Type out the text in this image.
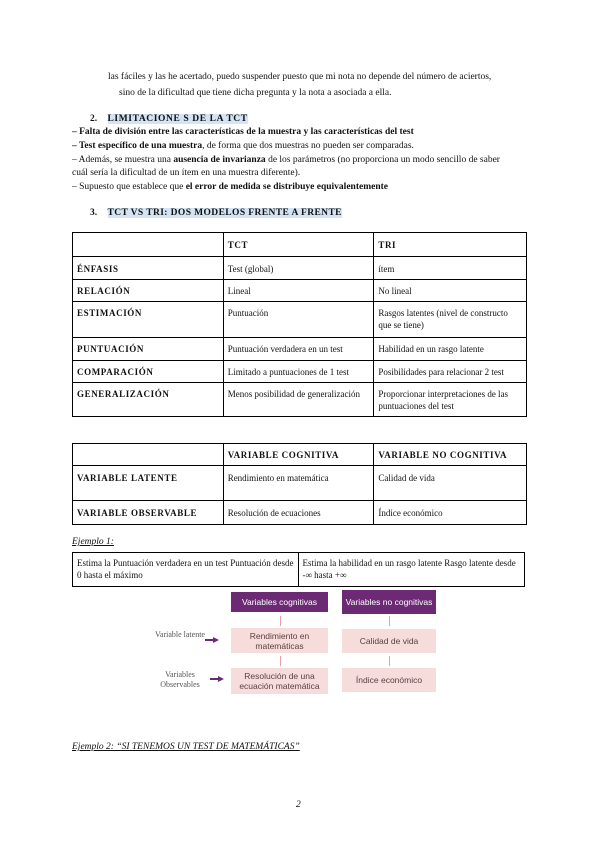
las fáciles y las he acertado, puedo suspender puesto que mi nota no depende del número de aciertos,
sino de la dificultad que tiene dicha pregunta y la nota a asociada a ella.
2. LIMITACIONE S DE LA TCT
– Falta de división entre las características de la muestra y las características del test
– Test específico de una muestra, de forma que dos muestras no pueden ser comparadas.
– Además, se muestra una ausencia de invarianza de los parámetros (no proporciona un modo sencillo de saber
cuál sería la dificultad de un ítem en una muestra diferente).
– Supuesto que establece que el error de medida se distribuye equivalentemente
3. TCT VS TRI: DOS MODELOS FRENTE A FRENTE
	TCT	TRI
ÉNFASIS	Test (global)	ítem
RELACIÓN	Lineal	No lineal
ESTIMACIÓN	Puntuación	Rasgos latentes (nivel de constructo que se tiene)
PUNTUACIÓN	Puntuación verdadera en un test	Habilidad en un rasgo latente
COMPARACIÓN	Limitado a puntuaciones de 1 test	Posibilidades para relacionar 2 test
GENERALIZACIÓN	Menos posibilidad de generalización	Proporcionar interpretaciones de las puntuaciones del test
	VARIABLE COGNITIVA	VARIABLE NO COGNITIVA
VARIABLE LATENTE	Rendimiento en matemática	Calidad de vida
VARIABLE OBSERVABLE	Resolución de ecuaciones	Índice económico
Ejemplo 1:
Estima la Puntuación verdadera en un test Puntuación desde 0 hasta el máximo	Estima la habilidad en un rasgo latente Rasgo latente desde -∞ hasta +∞
Variables cognitivas	Variables no cognitivas
Variable latente	Rendimiento en matemáticas	Calidad de vida
Variables Observables
Resolución de una ecuación matemática
Índice económico
Ejemplo 2: “SI TENEMOS UN TEST DE MATEMÁTICAS”
2
